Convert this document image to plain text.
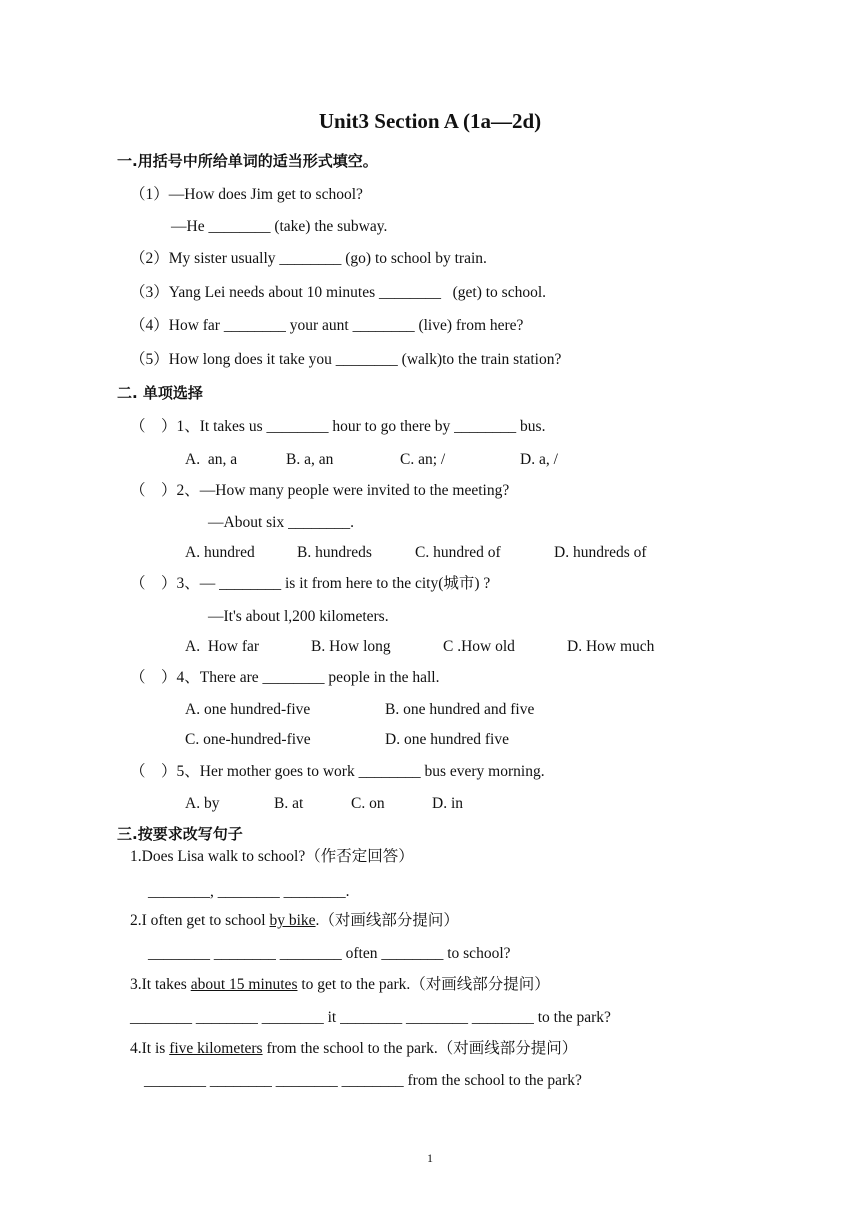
Unit3 Section A (1a—2d)
一.用括号中所给单词的适当形式填空。
（1）—How does Jim get to school?
—He ________ (take) the subway.
（2）My sister usually ________ (go) to school by train.
（3）Yang Lei needs about 10 minutes ________   (get) to school.
（4）How far ________ your aunt ________ (live) from here?
（5）How long does it take you ________ (walk)to the train station?
二. 单项选择
（    ）1、It takes us ________ hour to go there by ________ bus.
A.  an, a	B. a, an	C. an; /	D. a, /
（    ）2、—How many people were invited to the meeting?
—About six ________.
A. hundred	B. hundreds	C. hundred of	D. hundreds of
（    ）3、— ________ is it from here to the city(城市) ?
—It's about l,200 kilometers.
A.  How far	B. How long	C .How old	D. How much
（    ）4、There are ________ people in the hall.
A. one hundred-five	B. one hundred and five
C. one-hundred-five	D. one hundred five
（    ）5、Her mother goes to work ________ bus every morning.
A. by	B. at	C. on	D. in
三.按要求改写句子
1.Does Lisa walk to school?（作否定回答）
________, ________ ________.
2.I often get to school by bike.（对画线部分提问）
________ ________ ________ often ________ to school?
3.It takes about 15 minutes to get to the park.（对画线部分提问）
________ ________ ________ it ________ ________ ________ to the park?
4.It is five kilometers from the school to the park.（对画线部分提问）
________ ________ ________ ________ from the school to the park?
1
